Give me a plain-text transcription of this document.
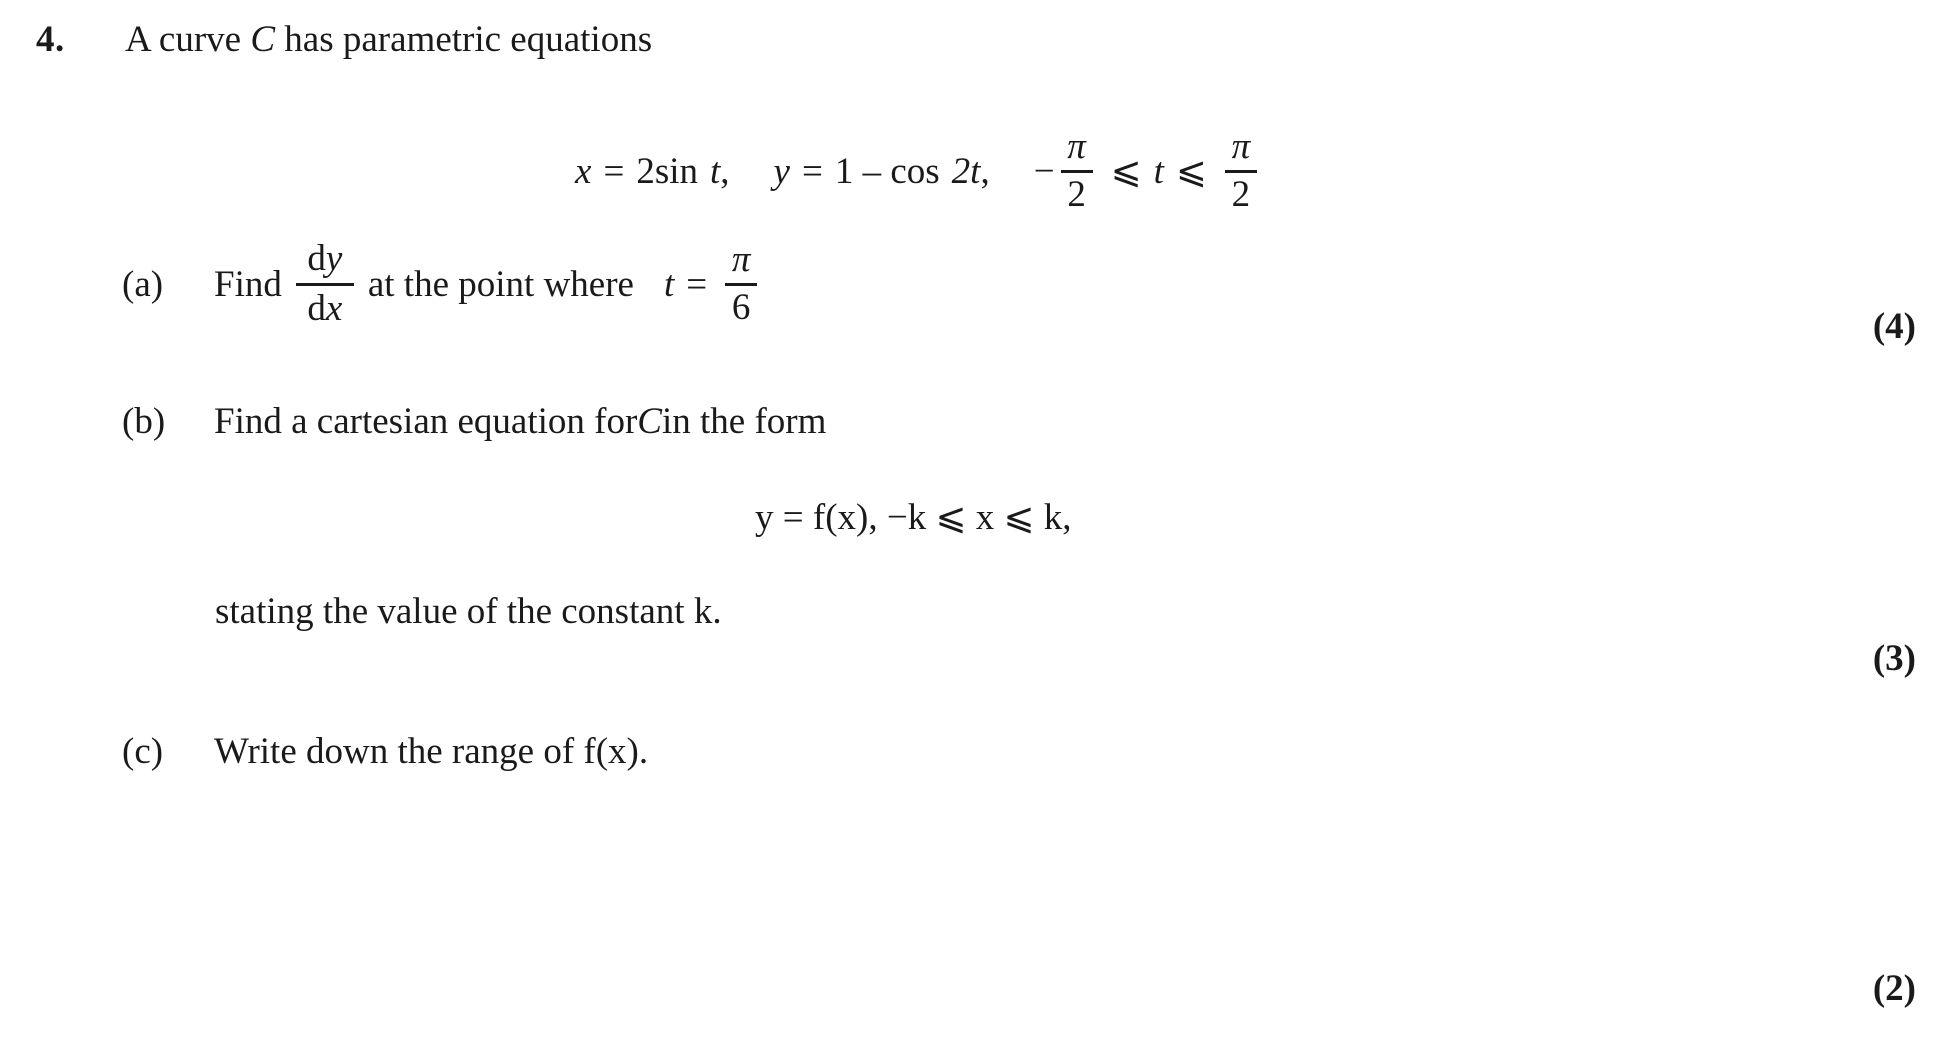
4. A curve C has parametric equations
x = 2sin t , y = 1 – cos 2t , − $\frac{\pi}{2}$ ⩽ t ⩽ $\frac{\pi}{2}$
(a)	Find $\frac{dy}{dx}$ at the point where $t = \frac{\pi}{6}$	(4)
(b)	Find a cartesian equation for C in the form
y = f(x), −k ⩽ x ⩽ k,
stating the value of the constant k.
(3)
(c)	Write down the range of f(x).
(2)
